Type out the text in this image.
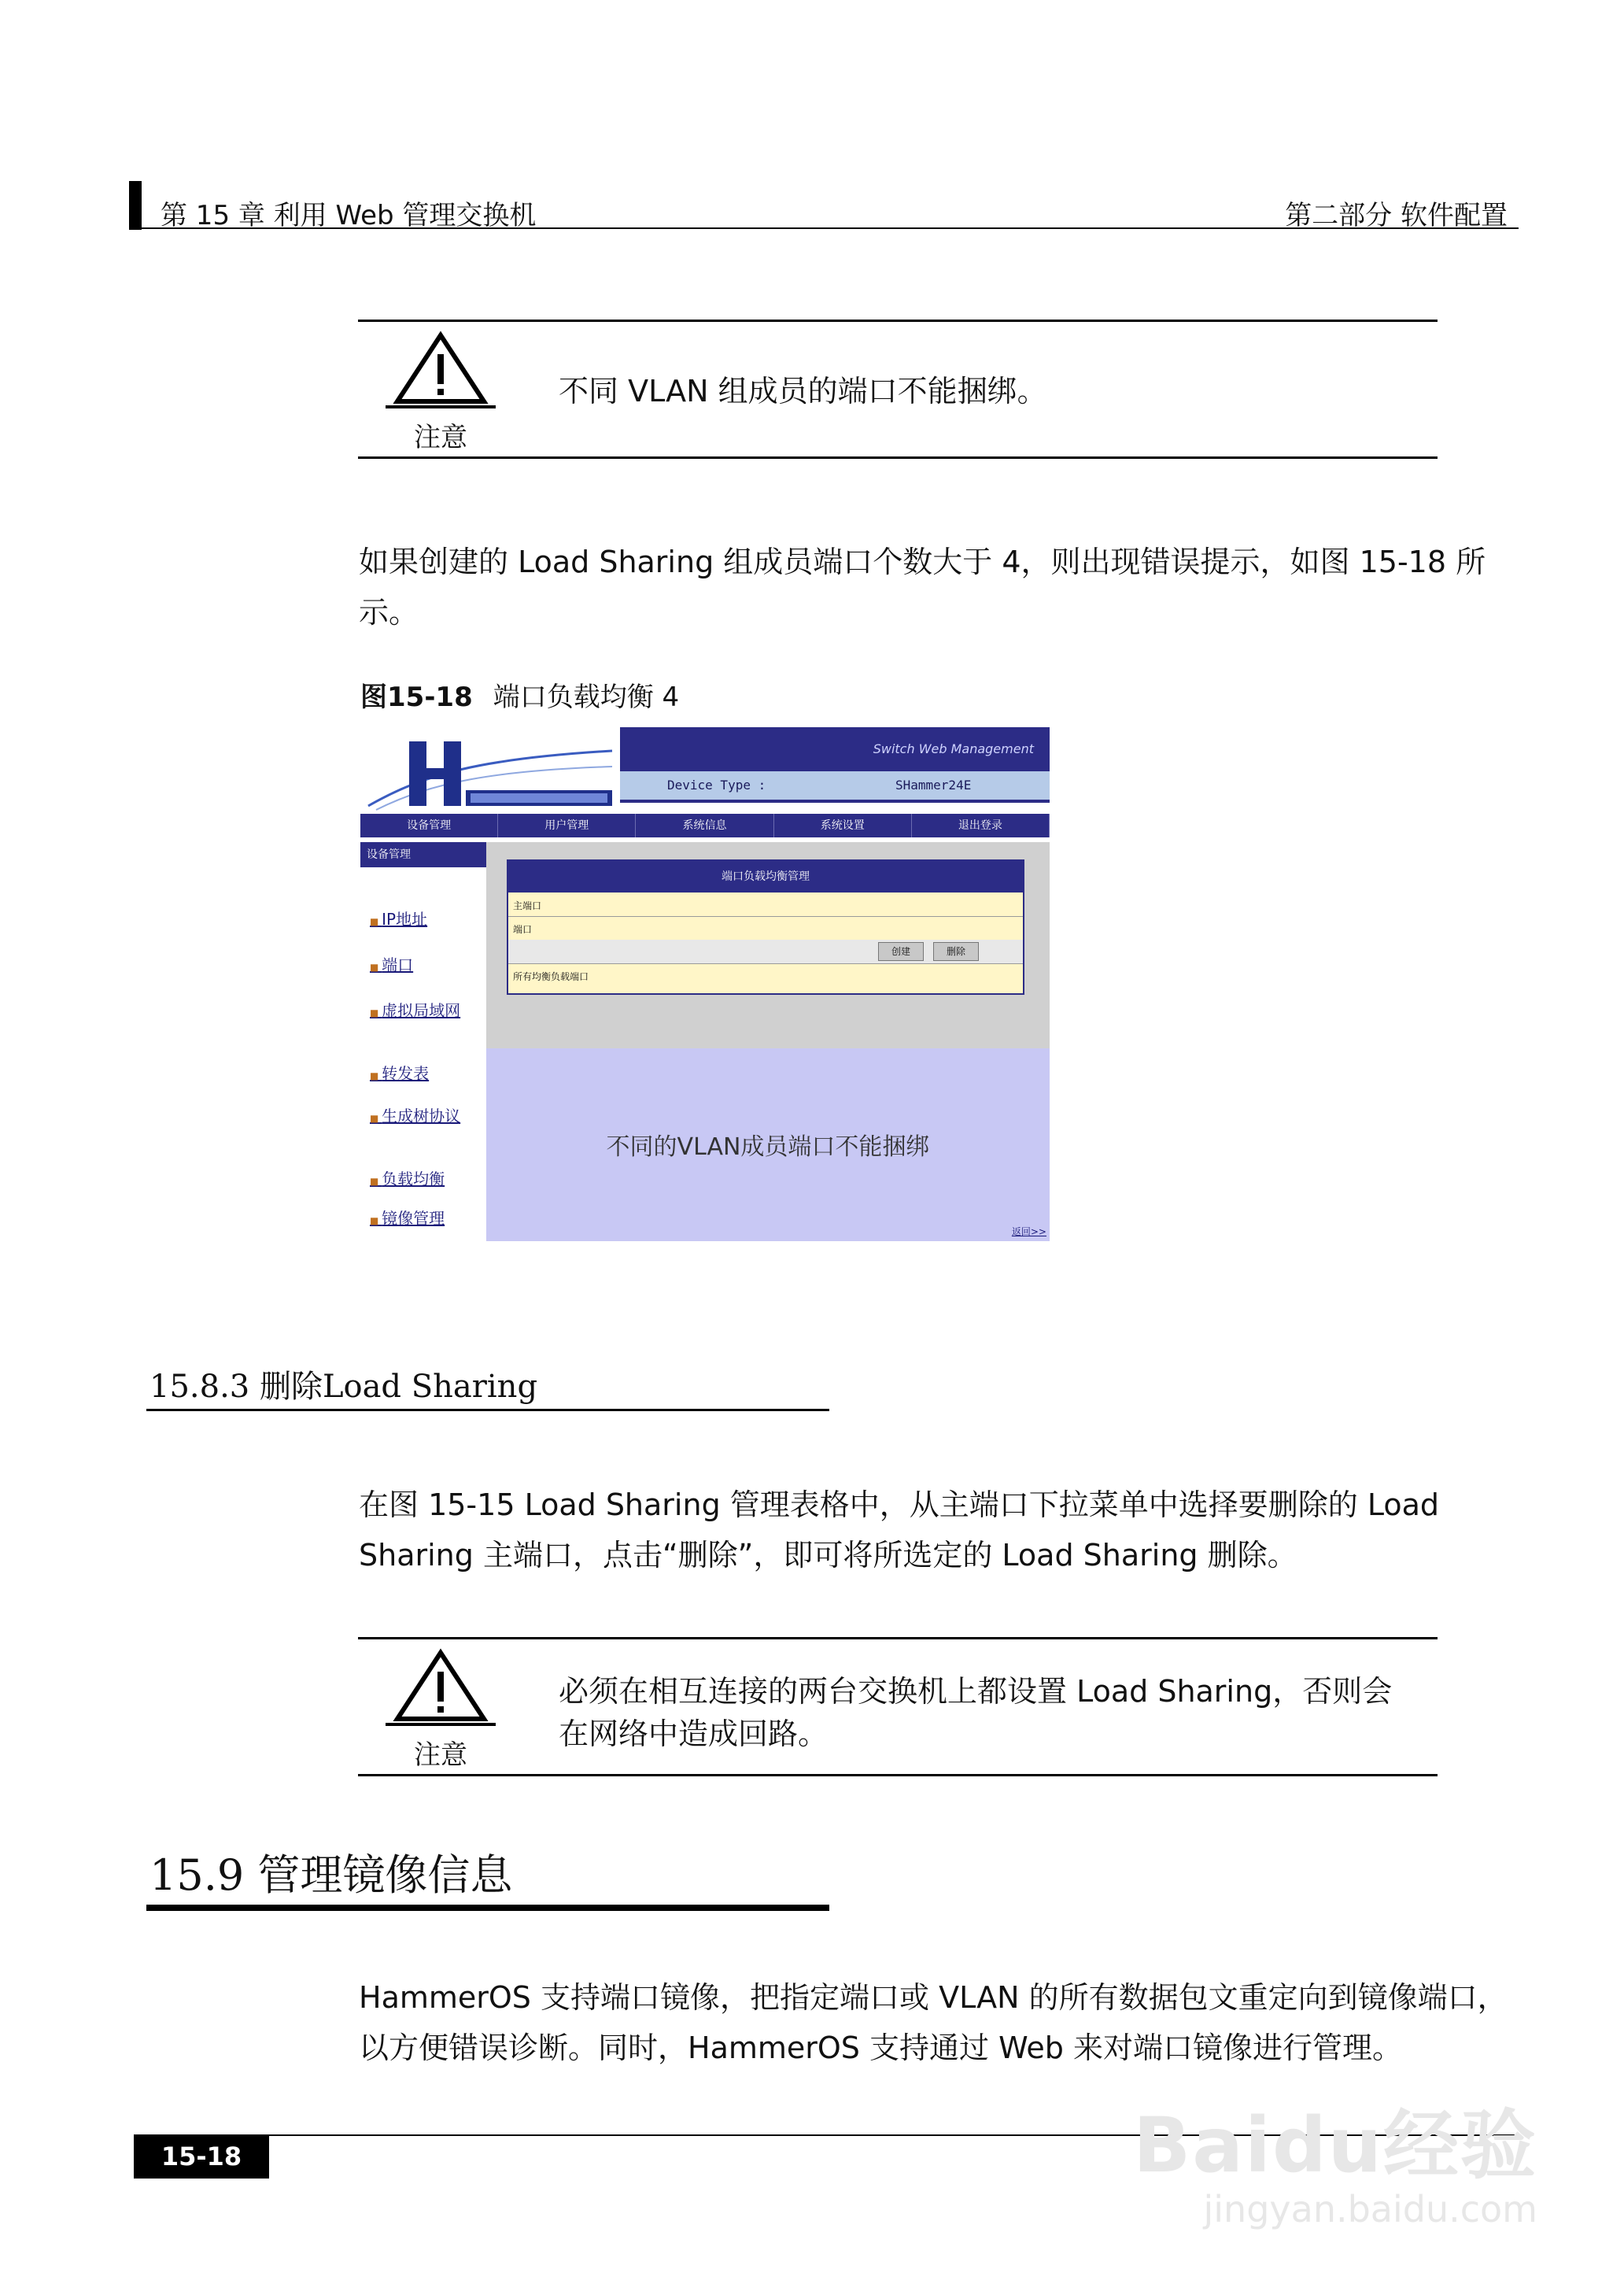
第 15 章 利用 Web 管理交换机	第二部分 软件配置
注意
不同 VLAN 组成员的端口不能捆绑。
如果创建的 Load Sharing 组成员端口个数大于 4，则出现错误提示，如图 15-18 所示。
图15-18 端口负载均衡 4
Switch Web Management
Device Type :	SHammer24E
设备管理	用户管理	系统信息	系统设置	退出登录
设备管理
■ IP地址
■ 端口
■ 虚拟局域网
■ 转发表
■ 生成树协议
■ 负载均衡
■ 镜像管理
端口负载均衡管理
主端口
端口
创建	删除
所有均衡负载端口
不同的VLAN成员端口不能捆绑
返回>>
15.8.3 删除Load Sharing
在图 15-15 Load Sharing 管理表格中，从主端口下拉菜单中选择要删除的 Load Sharing 主端口，点击“删除”，即可将所选定的 Load Sharing 删除。
注意
必须在相互连接的两台交换机上都设置 Load Sharing，否则会在网络中造成回路。
15.9 管理镜像信息
HammerOS 支持端口镜像，把指定端口或 VLAN 的所有数据包文重定向到镜像端口，以方便错误诊断。同时，HammerOS 支持通过 Web 来对端口镜像进行管理。
15-18	Baidu经验
jingyan.baidu.com
